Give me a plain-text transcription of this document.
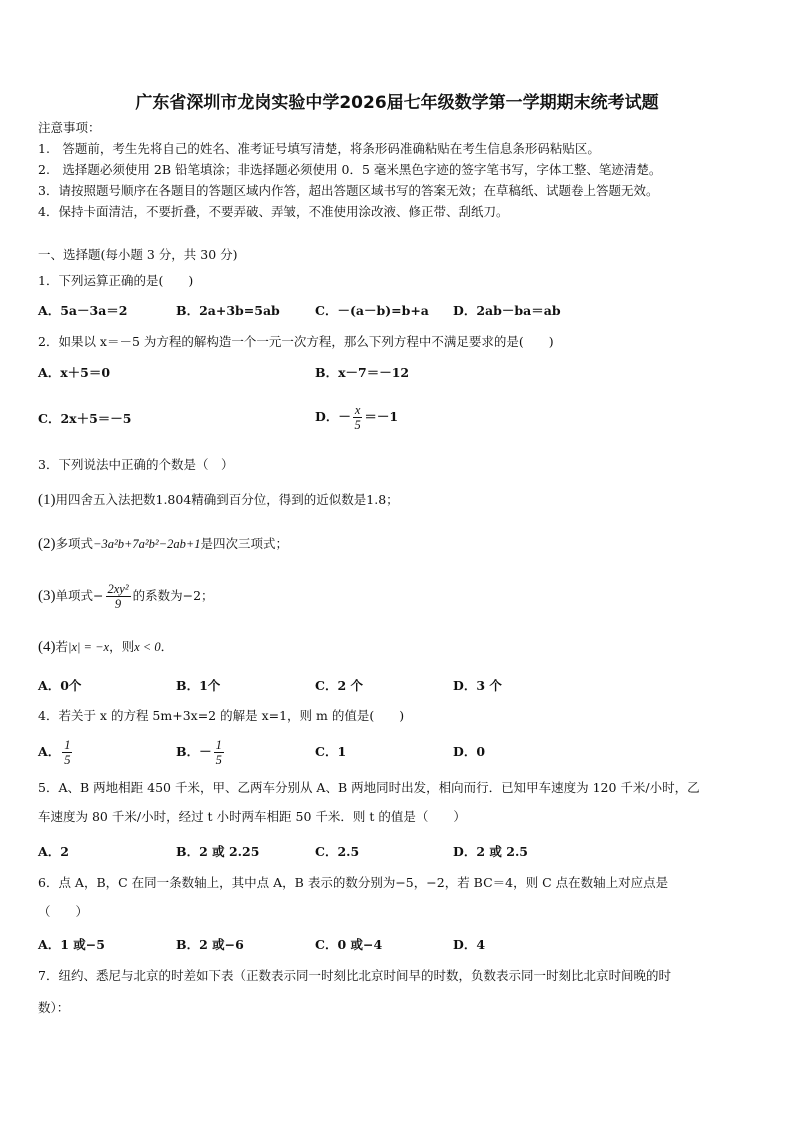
广东省深圳市龙岗实验中学2026届七年级数学第一学期期末统考试题
注意事项：
1.　答题前，考生先将自己的姓名、准考证号填写清楚，将条形码准确粘贴在考生信息条形码粘贴区。
2.　选择题必须使用 2B 铅笔填涂；非选择题必须使用 0．5 毫米黑色字迹的签字笔书写，字体工整、笔迹清楚。
3．请按照题号顺序在各题目的答题区域内作答，超出答题区域书写的答案无效；在草稿纸、试题卷上答题无效。
4．保持卡面清洁，不要折叠，不要弄破、弄皱，不准使用涂改液、修正带、刮纸刀。
一、选择题(每小题 3 分，共 30 分)
1．下列运算正确的是(　　)
A．5a－3a＝2	B．2a+3b=5ab	C．－(a－b)=b+a D．2ab－ba＝ab
2．如果以 x＝－5 为方程的解构造一个一元一次方程，那么下列方程中不满足要求的是(　　)
A．x＋5＝0	B．x－7＝－12
C．2x＋5＝－5	D．－ $\frac{x}{5} =-1$
3．下列说法中正确的个数是（　）
(1)用四舍五入法把数1.804精确到百分位，得到的近似数是1.8；
(2)多项式−3a²b+7a²b²−2ab+1是四次三项式；
(3)单项式− $\frac{\text{2xy²}}{9}$ 的系数为−2；
(4)若|x| = −x，则x < 0．
A．0个	B．1个	C．2 个	D．3 个
4．若关于 x 的方程 5m+3x=2 的解是 x=1，则 m 的值是(　　)
A． $\frac{1}{5}$	B．－ $\frac{1}{5}$	C．1	D．0
5．A、B 两地相距 450 千米，甲、乙两车分别从 A、B 两地同时出发，相向而行．已知甲车速度为 120 千米/小时，乙
车速度为 80 千米/小时，经过 t 小时两车相距 50 千米．则 t 的值是（　　）
A．2	B．2 或 2.25	C．2.5	D．2 或 2.5
6．点 A，B，C 在同一条数轴上，其中点 A，B 表示的数分别为−5，−2，若 BC＝4，则 C 点在数轴上对应点是
（　　）
A．1 或−5	B．2 或−6	C．0 或−4	D．4
7．纽约、悉尼与北京的时差如下表（正数表示同一时刻比北京时间早的时数，负数表示同一时刻比北京时间晚的时
数）：
